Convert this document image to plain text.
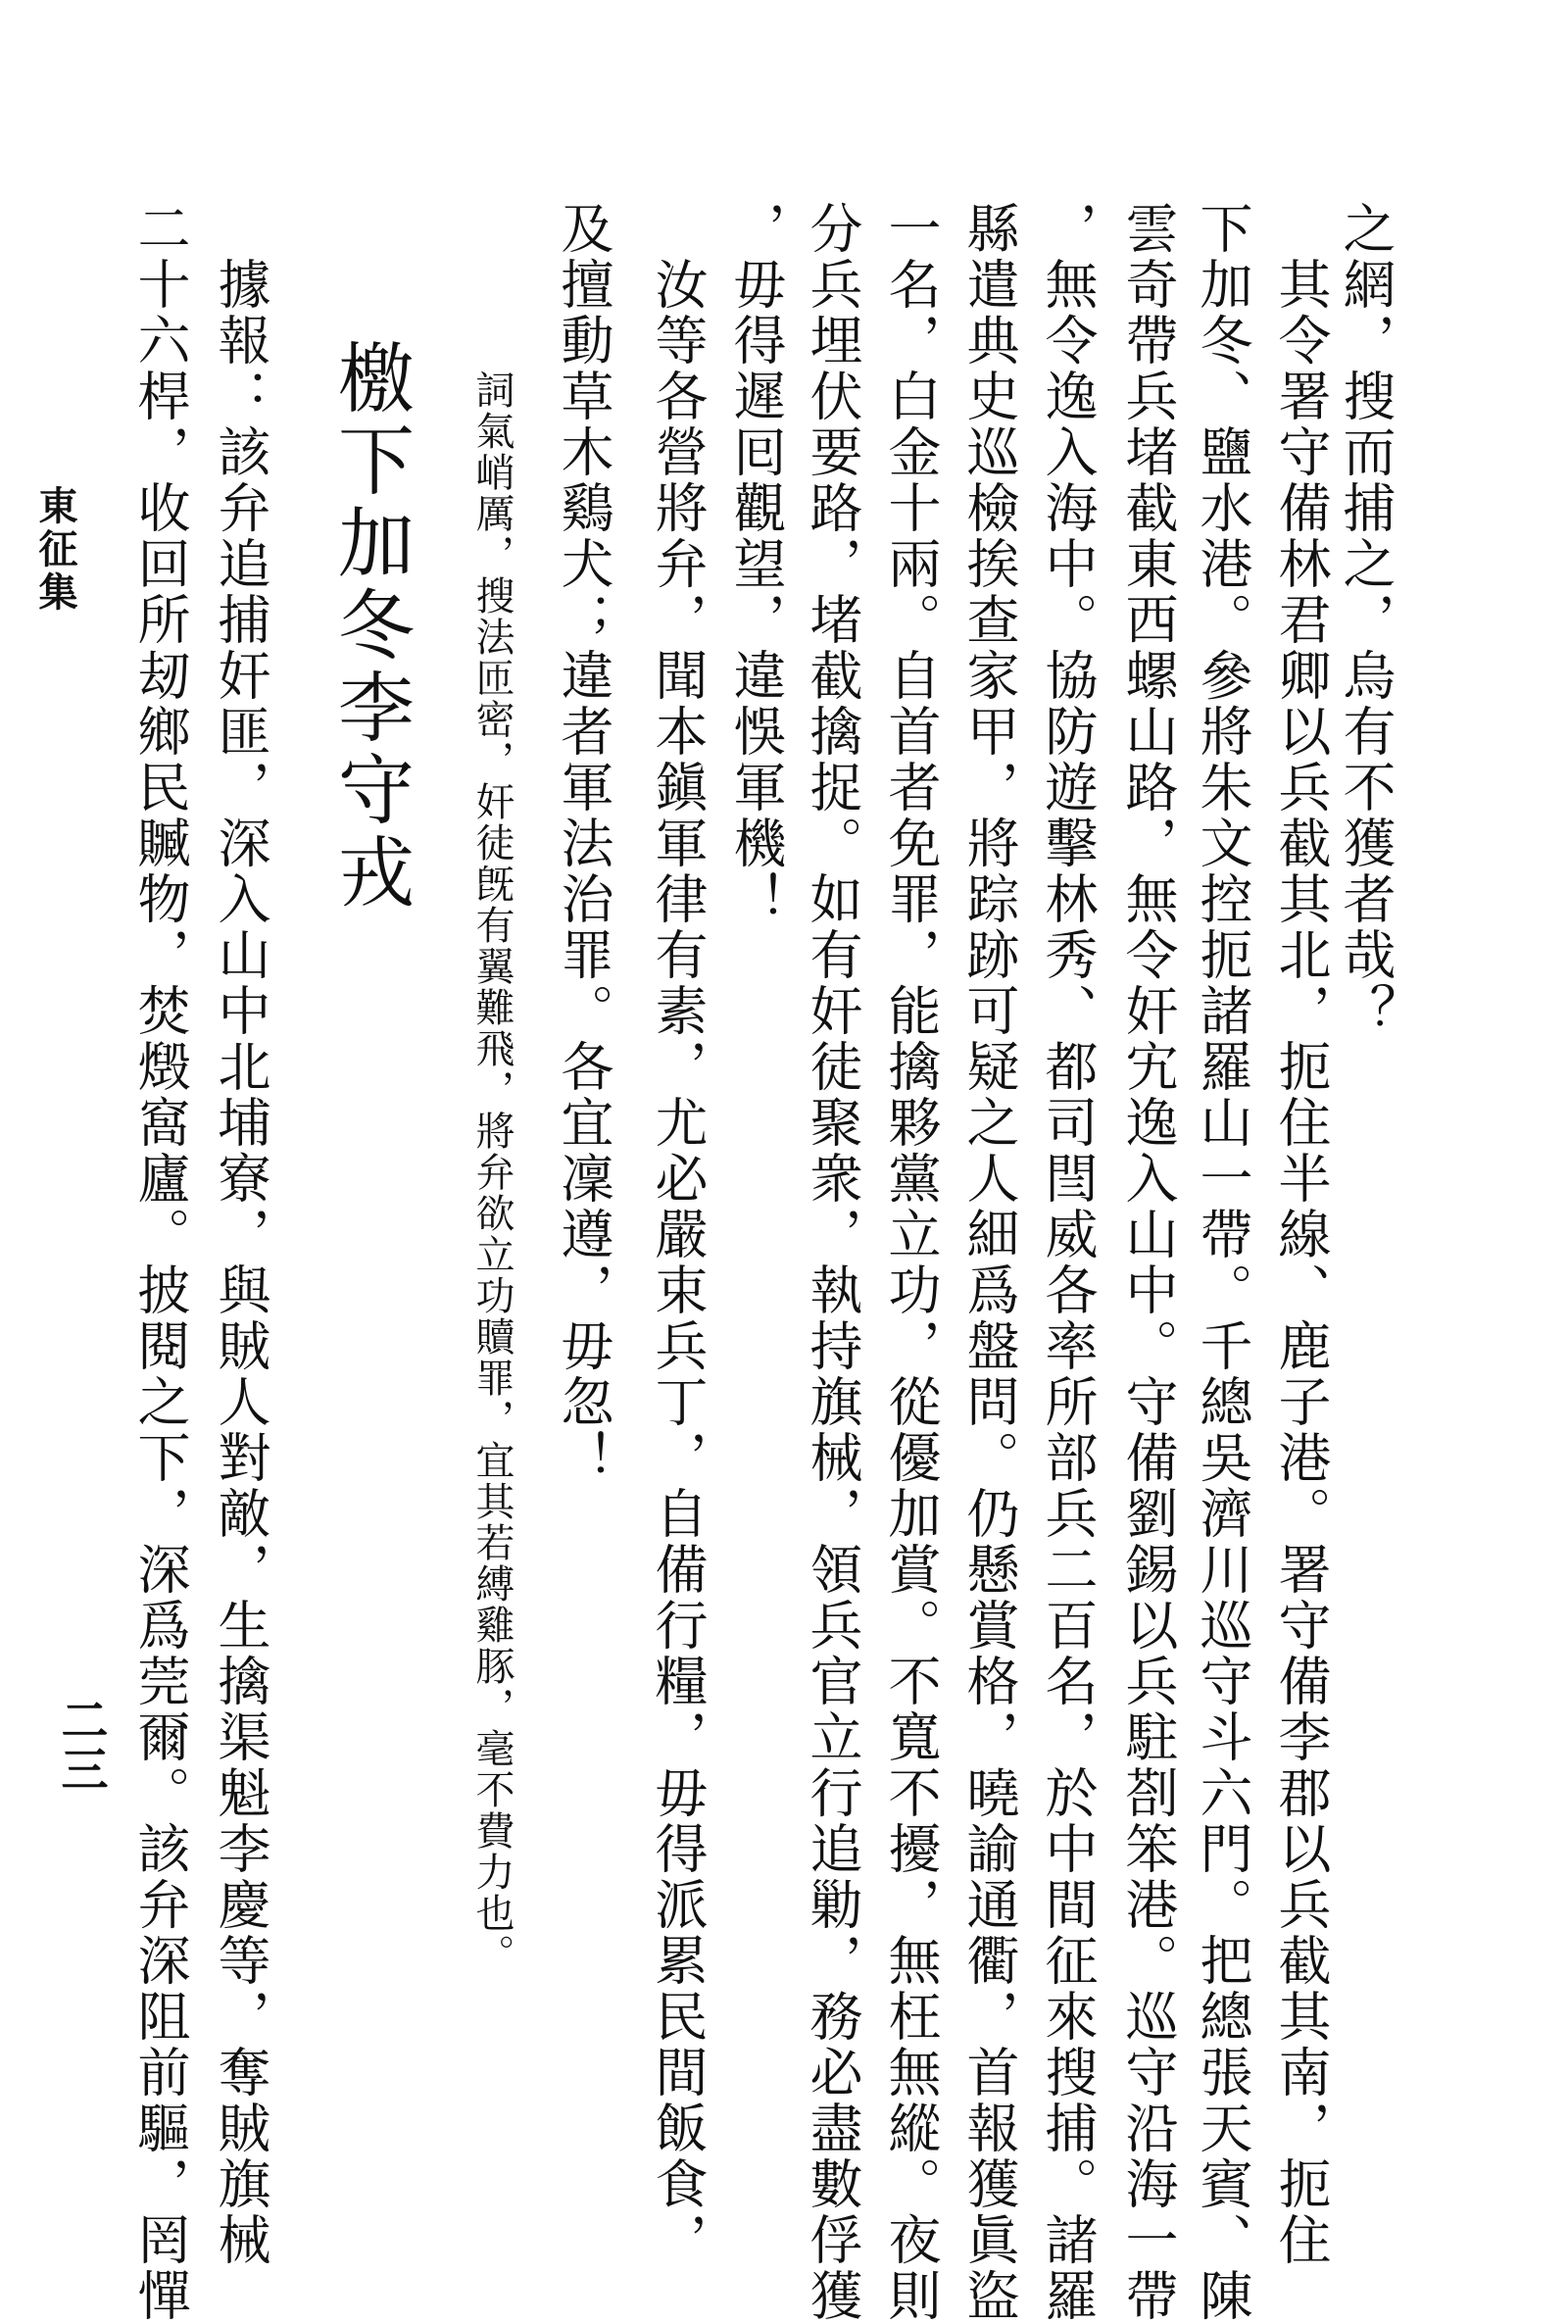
二三
東征集	之網，搜而捕之，烏有不獲者哉？
　其令署守備林君卿以兵截其北，扼住半線、鹿子港。署守備李郡以兵截其南，扼住
下加冬、鹽水港。參將朱文控扼諸羅山一帶。千總吳濟川巡守斗六門。把總張天賓、陳
雲奇帶兵堵截東西螺山路，無令奸宄逸入山中。守備劉錫以兵駐剳笨港。巡守沿海一帶
，無令逸入海中。協防遊擊林秀、都司閆威各率所部兵二百名，於中間征來搜捕。諸羅
縣遣典史巡檢挨查家甲，將踪跡可疑之人細爲盤問。仍懸賞格，曉諭通衢，首報獲眞盜
一名，白金十兩。自首者免罪，能擒夥黨立功，從優加賞。不寬不擾，無枉無縱。夜則
分兵埋伏要路，堵截擒捉。如有奸徒聚衆，執持旗械，領兵官立行追勦，務必盡數俘獲
，毋得遲囘觀望，違悞軍機！
　汝等各營將弁，聞本鎭軍律有素，尤必嚴束兵丁，自備行糧，毋得派累民間飯食，
及擅動草木鷄犬；違者軍法治罪。各宜凜遵，毋忽！
　詞氣峭厲，搜法匝密，奸徒旣有翼難飛，將弁欲立功贖罪，宜其若縛雞豚，毫不費力也。
檄下加冬李守戎
　據報：該弁追捕奸匪，深入山中北埔寮，與賊人對敵，生擒渠魁李慶等，奪賊旗械
二十六桿，收回所刼鄉民贓物，焚燬窩廬。披閱之下，深爲莞爾。該弁深阻前驅，罔憚
